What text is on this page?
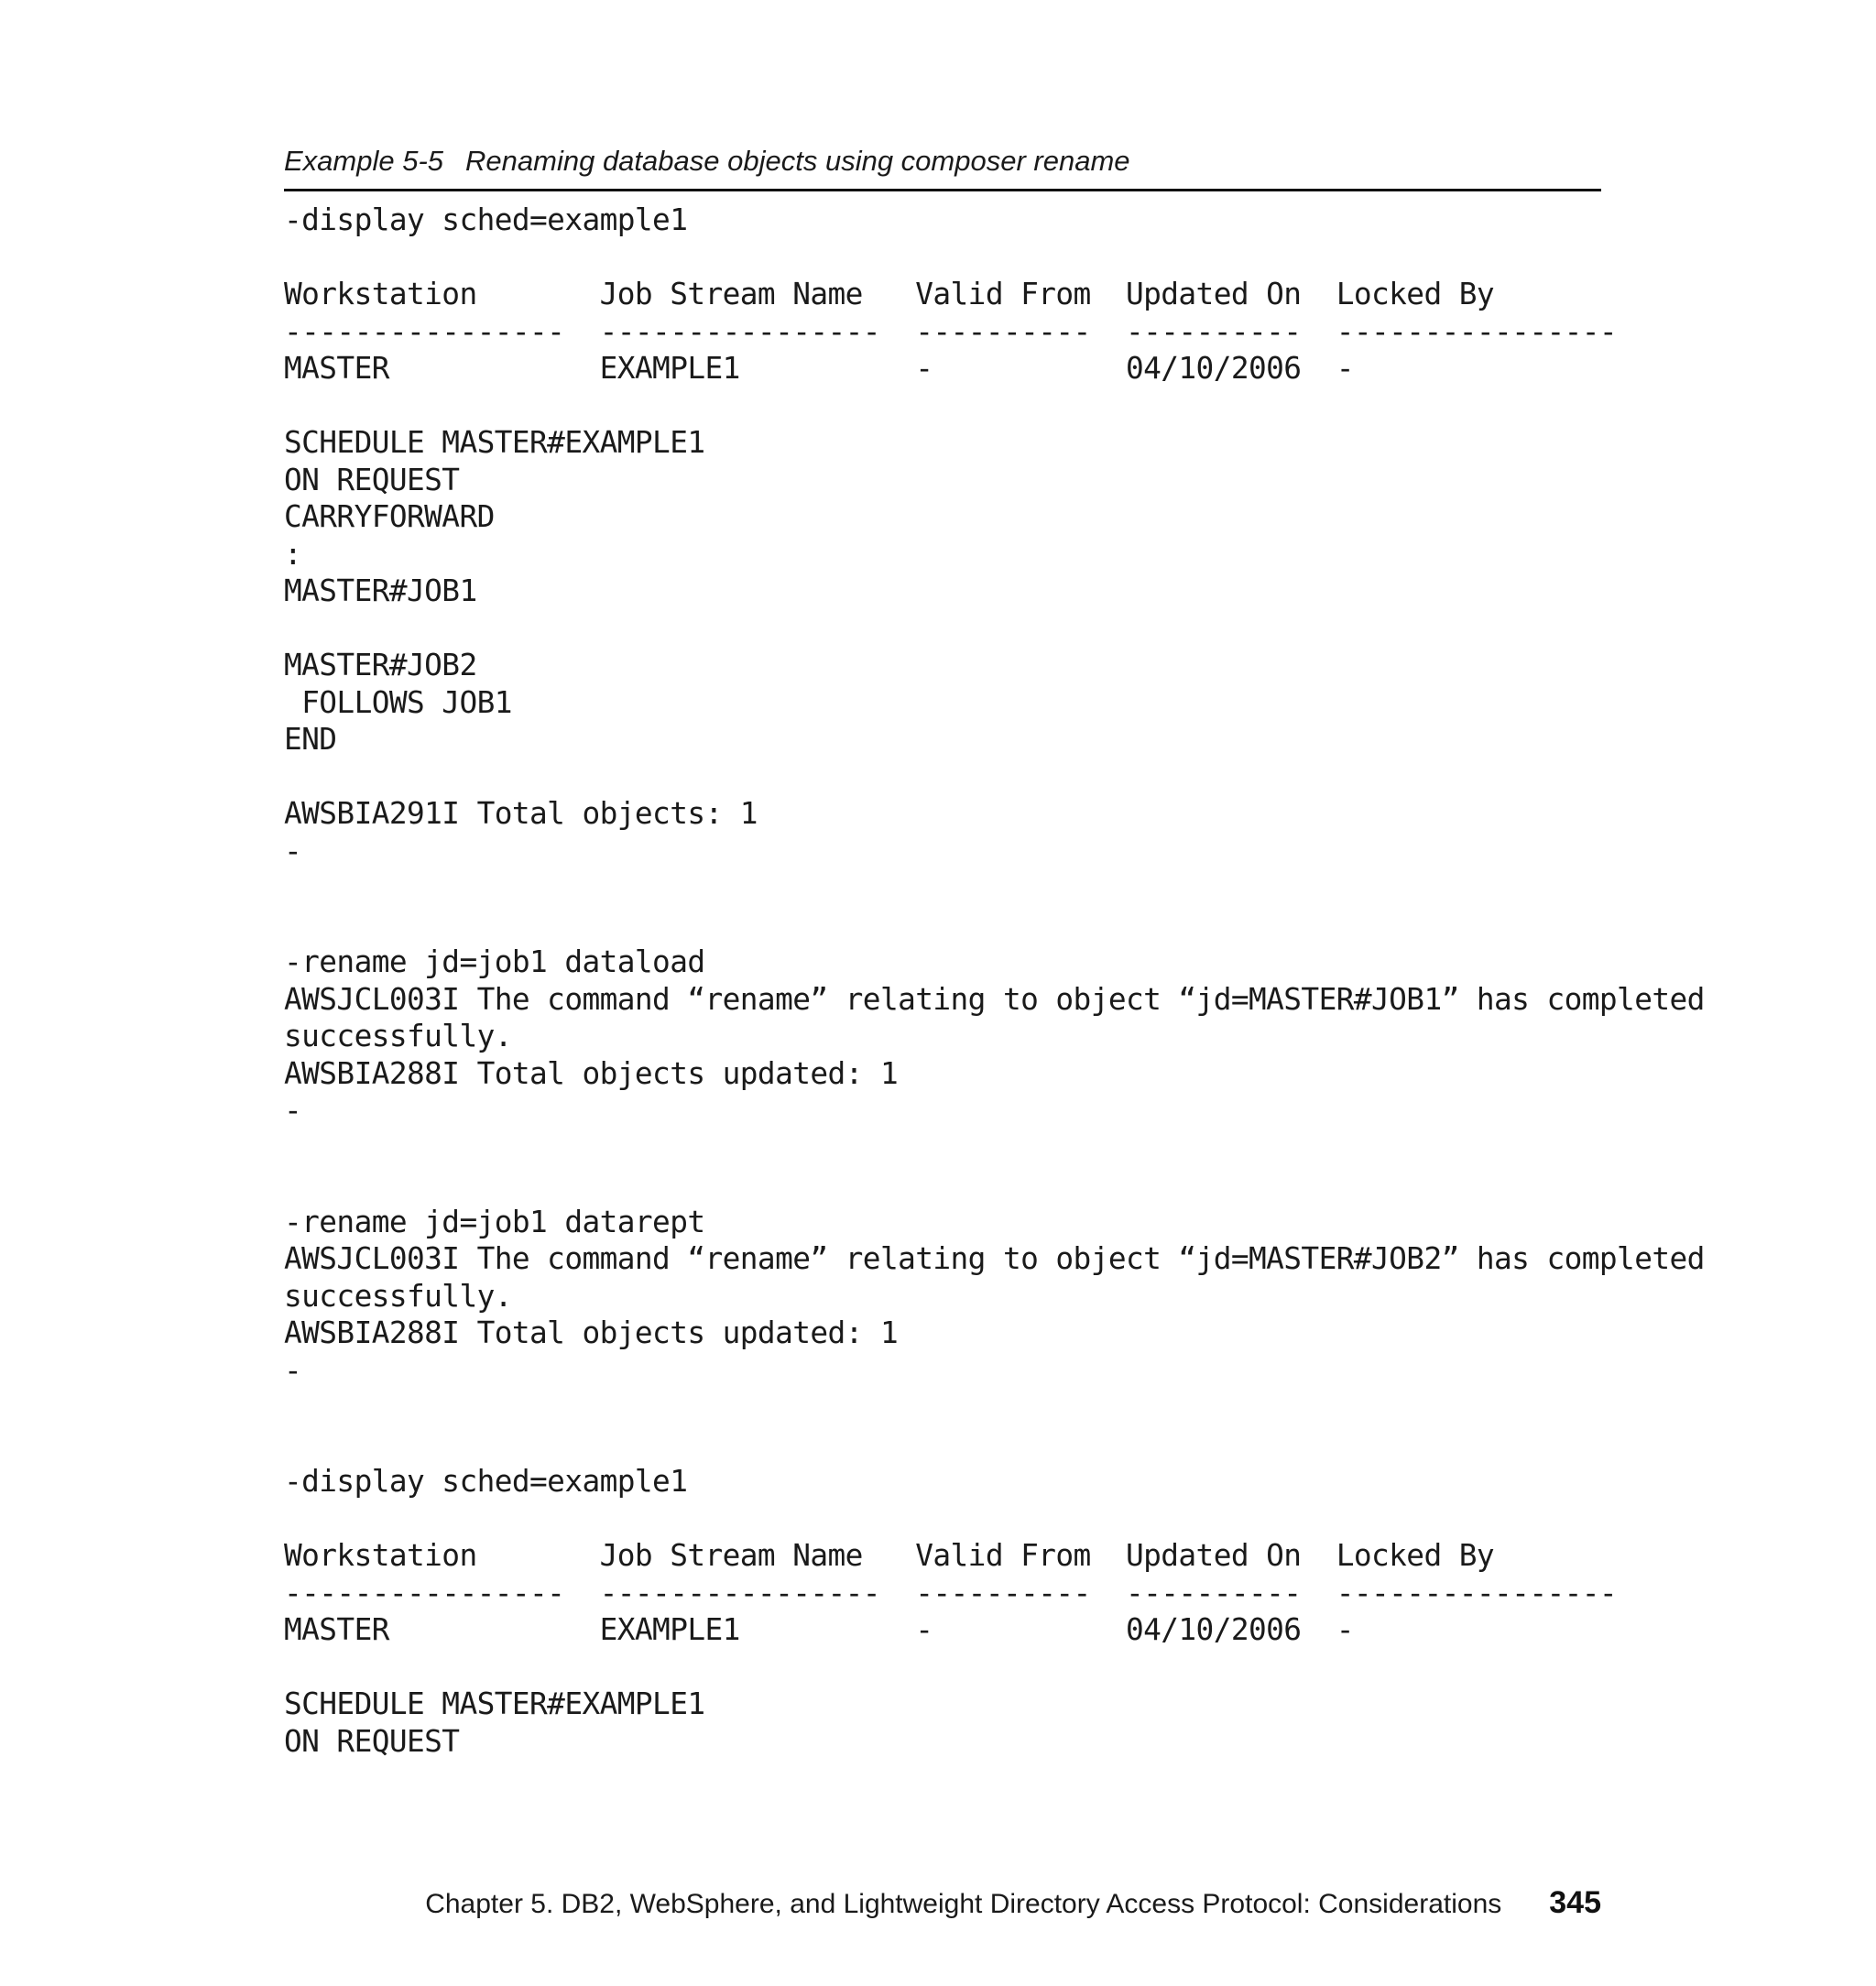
Example 5-5 Renaming database objects using composer rename
-display sched=example1
Workstation       Job Stream Name   Valid From  Updated On  Locked By
----------------  ----------------  ----------  ----------  ----------------
MASTER            EXAMPLE1          -           04/10/2006  -
SCHEDULE MASTER#EXAMPLE1
ON REQUEST
CARRYFORWARD
:
MASTER#JOB1
MASTER#JOB2
FOLLOWS JOB1
END
AWSBIA291I Total objects: 1
-
-rename jd=job1 dataload
AWSJCL003I The command “rename” relating to object “jd=MASTER#JOB1” has completed
successfully.
AWSBIA288I Total objects updated: 1
-
-rename jd=job1 datarept
AWSJCL003I The command “rename” relating to object “jd=MASTER#JOB2” has completed
successfully.
AWSBIA288I Total objects updated: 1
-
-display sched=example1
Workstation       Job Stream Name   Valid From  Updated On  Locked By
----------------  ----------------  ----------  ----------  ----------------
MASTER            EXAMPLE1          -           04/10/2006  -
SCHEDULE MASTER#EXAMPLE1
ON REQUEST
Chapter 5. DB2, WebSphere, and Lightweight Directory Access Protocol: Considerations 345
